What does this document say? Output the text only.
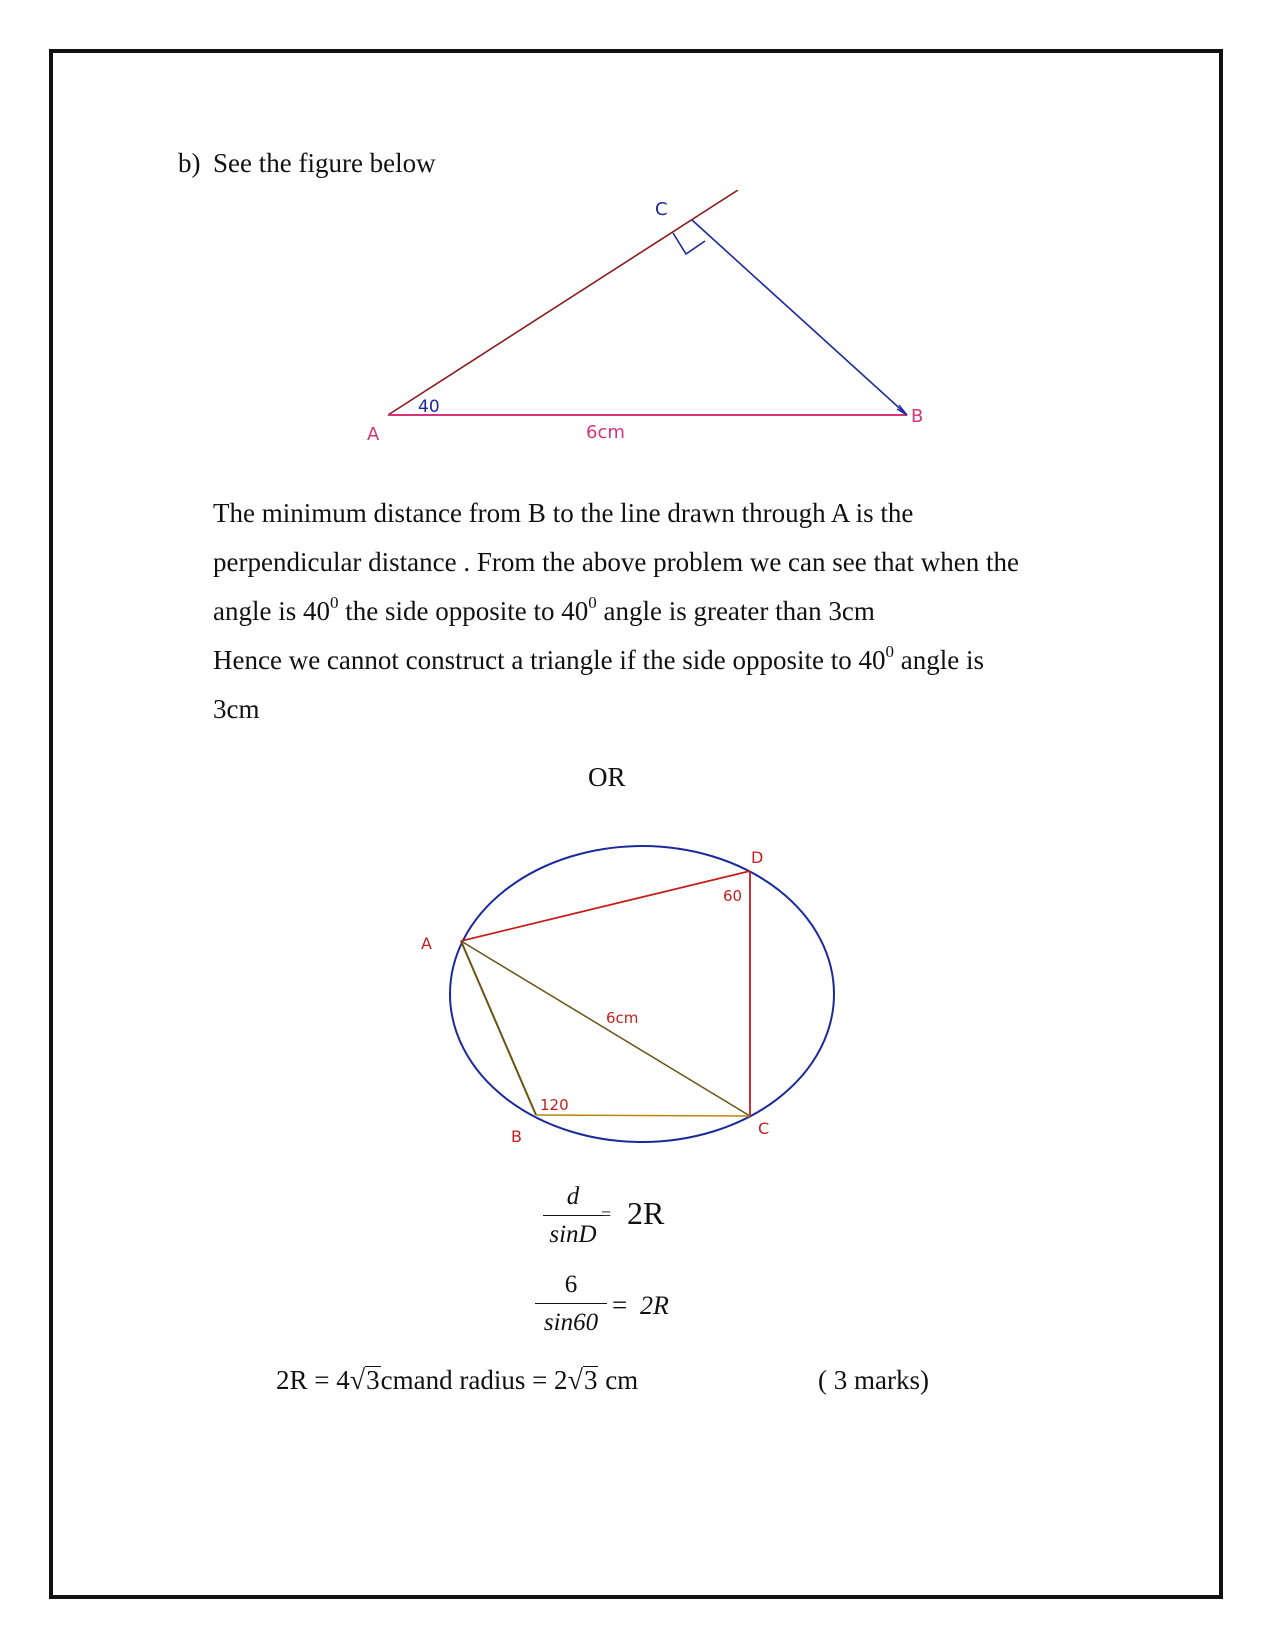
b) See the figure below
C
40
A	6cm
B
The minimum distance from B to the line drawn through A is the
perpendicular distance . From the above problem we can see that when the
angle is $40^0$ the side opposite to $40^0$ angle is greater than 3cm
Hence we cannot construct a triangle if the side opposite to $40^0$ angle is
3cm
OR
D
60
A
6cm
120
B	C
d
sinD
= 2R
6
sin60
= 2R
2R = 4√3cmand radius = 2√3 cm	( 3 marks)
